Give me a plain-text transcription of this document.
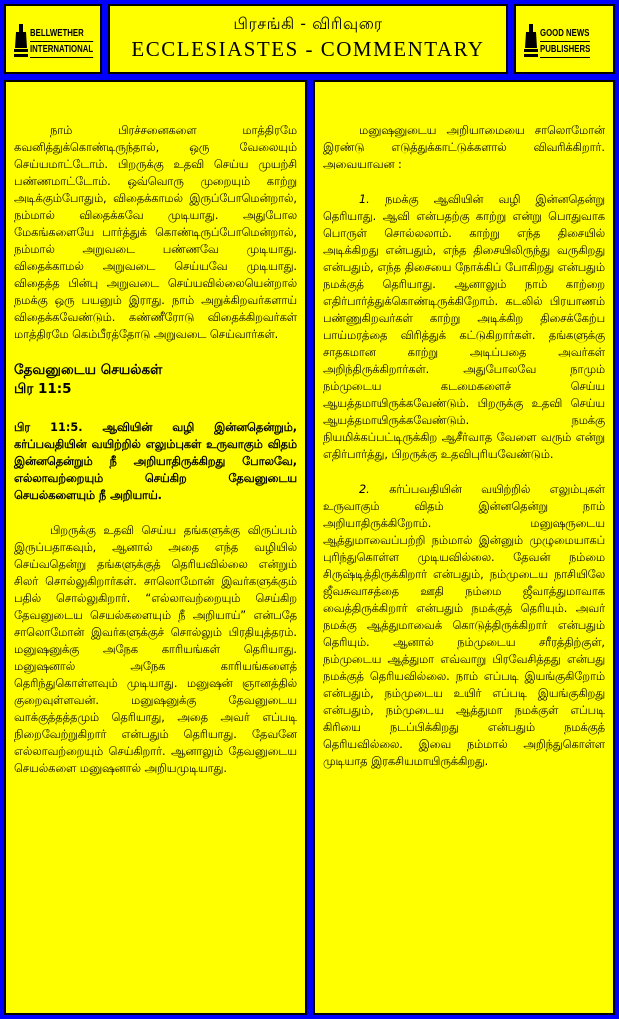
BELLWETHER
INTERNATIONAL
பிரசங்கி - விரிவுரை
ECCLESIASTES - COMMENTARY
GOOD NEWS
PUBLISHERS

நாம் பிரச்சனைகளை மாத்திரமே கவனித்துக்கொண்டிருந்தால், ஒரு வேலையும் செய்யமாட்டோம். பிறருக்கு உதவி செய்ய முயற்சி பண்ணமாட்டோம். ஒவ்வொரு முறையும் காற்று அடிக்கும்போதும், விதைக்காமல் இருப்போமென்றால், நம்மால் விதைக்கவே முடியாது. அதுபோல மேகங்களையே பார்த்துக் கொண்டிருப்போமென்றால், நம்மால் அறுவடை பண்ணவே முடியாது. விதைக்காமல் அறுவடை செய்யவே முடியாது. விதைத்த பின்பு அறுவடை செய்யவில்லையென்றால் நமக்கு ஒரு பயனும் இராது. நாம் அறுக்கிறவர்களாய் விதைக்கவேண்டும். கண்ணீரோடு விதைக்கிறவர்கள் மாத்திரமே கெம்பீரத்தோடு அறுவடை செய்வார்கள்.

தேவனுடைய செயல்கள்
பிர 11:5

பிர 11:5. ஆவியின் வழி இன்னதென்றும், கர்ப்பவதியின் வயிற்றில் எலும்புகள் உருவாகும் விதம் இன்னதென்றும் நீ அறியாதிருக்கிறது போலவே, எல்லாவற்றையும் செய்கிற தேவனுடைய செயல்களையும் நீ அறியாய்.

பிறருக்கு உதவி செய்ய தங்களுக்கு விருப்பம் இருப்பதாகவும், ஆனால் அதை எந்த வழியில் செய்வதென்று தங்களுக்குத் தெரியவில்லை என்றும் சிலர் சொல்லுகிறார்கள். சாலொமோன் இவர்களுக்கும் பதில் சொல்லுகிறார். “எல்லாவற்றையும் செய்கிற தேவனுடைய செயல்களையும் நீ அறியாய்” என்பதே சாலொமோன் இவர்களுக்குச் சொல்லும் பிரதியுத்தரம். மனுஷனுக்கு அநேக காரியங்கள் தெரியாது. மனுஷனால் அநேக காரியங்களைத் தெரிந்துகொள்ளவும் முடியாது. மனுஷன் ஞானத்தில் குறைவுள்ளவன். மனுஷனுக்கு தேவனுடைய வாக்குத்தத்தமும் தெரியாது, அதை அவர் எப்படி நிறைவேற்றுகிறார் என்பதும் தெரியாது. தேவனே எல்லாவற்றையும் செய்கிறார். ஆனாலும் தேவனுடைய செயல்களை மனுஷனால் அறியமுடியாது.

மனுஷனுடைய அறியாமையை சாலொமோன் இரண்டு எடுத்துக்காட்டுக்களால் விவரிக்கிறார். அவையாவன :

1. நமக்கு ஆவியின் வழி இன்னதென்று தெரியாது. ஆவி என்பதற்கு காற்று என்று பொதுவாக பொருள் சொல்லலாம். காற்று எந்த திசையில் அடிக்கிறது என்பதும், எந்த திசையிலிருந்து வருகிறது என்பதும், எந்த திசையை நோக்கிப் போகிறது என்பதும் நமக்குத் தெரியாது. ஆனாலும் நாம் காற்றை எதிர்பார்த்துக்கொண்டிருக்கிறோம். கடலில் பிரயாணம் பண்ணுகிறவர்கள் காற்று அடிக்கிற திசைக்கேற்ப பாய்மரத்தை விரித்துக் கட்டுகிறார்கள். தங்களுக்கு சாதகமான காற்று அடிப்பதை அவர்கள் அறிந்திருக்கிறார்கள். அதுபோலவே நாமும் நம்முடைய கடமைகளைச் செய்ய ஆயத்தமாயிருக்கவேண்டும். பிறருக்கு உதவி செய்ய ஆயத்தமாயிருக்கவேண்டும். நமக்கு நியமிக்கப்பட்டிருக்கிற ஆசீர்வாத வேளை வரும் என்று எதிர்பார்த்து, பிறருக்கு உதவிபுரியவேண்டும்.

2. கர்ப்பவதியின் வயிற்றில் எலும்புகள் உருவாகும் விதம் இன்னதென்று நாம் அறியாதிருக்கிறோம். மனுஷருடைய ஆத்துமாவைப்பற்றி நம்மால் இன்னும் முழுமையாகப் புரிந்துகொள்ள முடியவில்லை. தேவன் நம்மை சிருஷ்டித்திருக்கிறார் என்பதும், நம்முடைய நாசியிலே ஜீவசுவாசத்தை ஊதி நம்மை ஜீவாத்துமாவாக வைத்திருக்கிறார் என்பதும் நமக்குத் தெரியும். அவர் நமக்கு ஆத்துமாவைக் கொடுத்திருக்கிறார் என்பதும் தெரியும். ஆனால் நம்முடைய சரீரத்திற்குள், நம்முடைய ஆத்துமா எவ்வாறு பிரவேசித்தது என்பது நமக்குத் தெரியவில்லை. நாம் எப்படி இயங்குகிறோம் என்பதும், நம்முடைய உயிர் எப்படி இயங்குகிறது என்பதும், நம்முடைய ஆத்துமா நமக்குள் எப்படி கிரியை நடப்பிக்கிறது என்பதும் நமக்குத் தெரியவில்லை. இவை நம்மால் அறிந்துகொள்ள முடியாத இரகசியமாயிருக்கிறது.
